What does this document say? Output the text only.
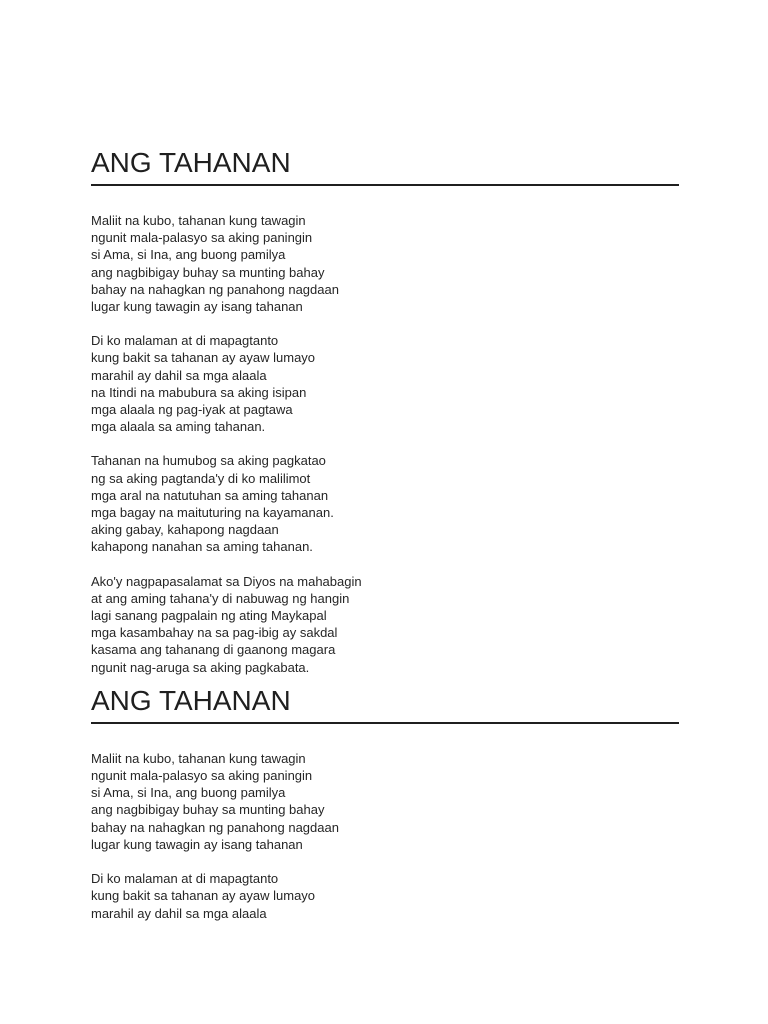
ANG TAHANAN
Maliit na kubo, tahanan kung tawagin
ngunit mala-palasyo sa aking paningin
si Ama, si Ina, ang buong pamilya
ang nagbibigay buhay sa munting bahay
bahay na nahagkan ng panahong nagdaan
lugar kung tawagin ay isang tahanan
Di ko malaman at di mapagtanto
kung bakit sa tahanan ay ayaw lumayo
marahil ay dahil sa mga alaala
na Itindi na mabubura sa aking isipan
mga alaala ng pag-iyak at pagtawa
mga alaala sa aming tahanan.
Tahanan na humubog sa aking pagkatao
ng sa aking pagtanda'y di ko malilimot
mga aral na natutuhan sa aming tahanan
mga bagay na maituturing na kayamanan.
aking gabay, kahapong nagdaan
kahapong nanahan sa aming tahanan.
Ako'y nagpapasalamat sa Diyos na mahabagin
at ang aming tahana'y di nabuwag ng hangin
lagi sanang pagpalain ng ating Maykapal
mga kasambahay na sa pag-ibig ay sakdal
kasama ang tahanang di gaanong magara
ngunit nag-aruga sa aking pagkabata.
ANG TAHANAN
Maliit na kubo, tahanan kung tawagin
ngunit mala-palasyo sa aking paningin
si Ama, si Ina, ang buong pamilya
ang nagbibigay buhay sa munting bahay
bahay na nahagkan ng panahong nagdaan
lugar kung tawagin ay isang tahanan
Di ko malaman at di mapagtanto
kung bakit sa tahanan ay ayaw lumayo
marahil ay dahil sa mga alaala
